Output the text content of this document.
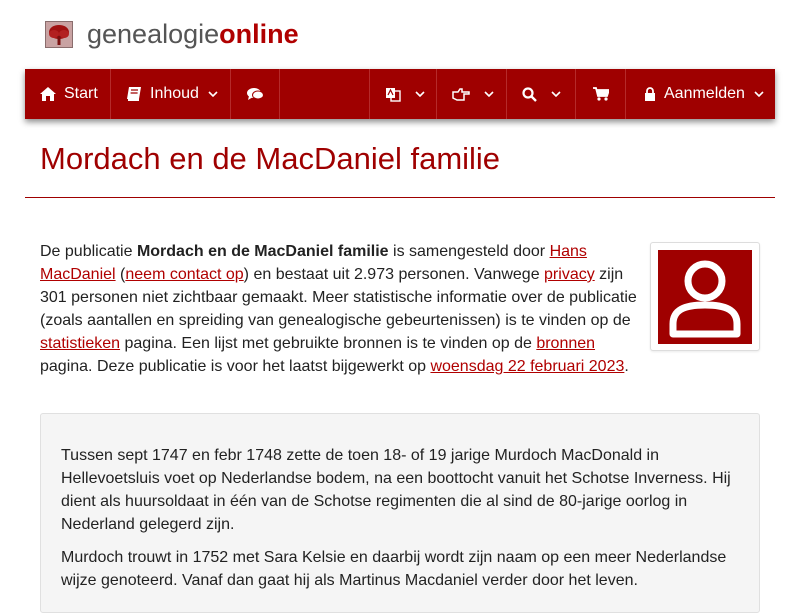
genealogieonline
Start	Inhoud	Aanmelden
Mordach en de MacDaniel familie
De publicatie Mordach en de MacDaniel familie is samengesteld door Hans MacDaniel (neem contact op) en bestaat uit 2.973 personen. Vanwege privacy zijn 301 personen niet zichtbaar gemaakt. Meer statistische informatie over de publicatie (zoals aantallen en spreiding van genealogische gebeurtenissen) is te vinden op de statistieken pagina. Een lijst met gebruikte bronnen is te vinden op de bronnen pagina. Deze publicatie is voor het laatst bijgewerkt op woensdag 22 februari 2023.

Tussen sept 1747 en febr 1748 zette de toen 18- of 19 jarige Murdoch MacDonald in Hellevoetsluis voet op Nederlandse bodem, na een boottocht vanuit het Schotse Inverness. Hij dient als huursoldaat in één van de Schotse regimenten die al sind de 80-jarige oorlog in Nederland gelegerd zijn.

Murdoch trouwt in 1752 met Sara Kelsie en daarbij wordt zijn naam op een meer Nederlandse wijze genoteerd. Vanaf dan gaat hij als Martinus Macdaniel verder door het leven.
